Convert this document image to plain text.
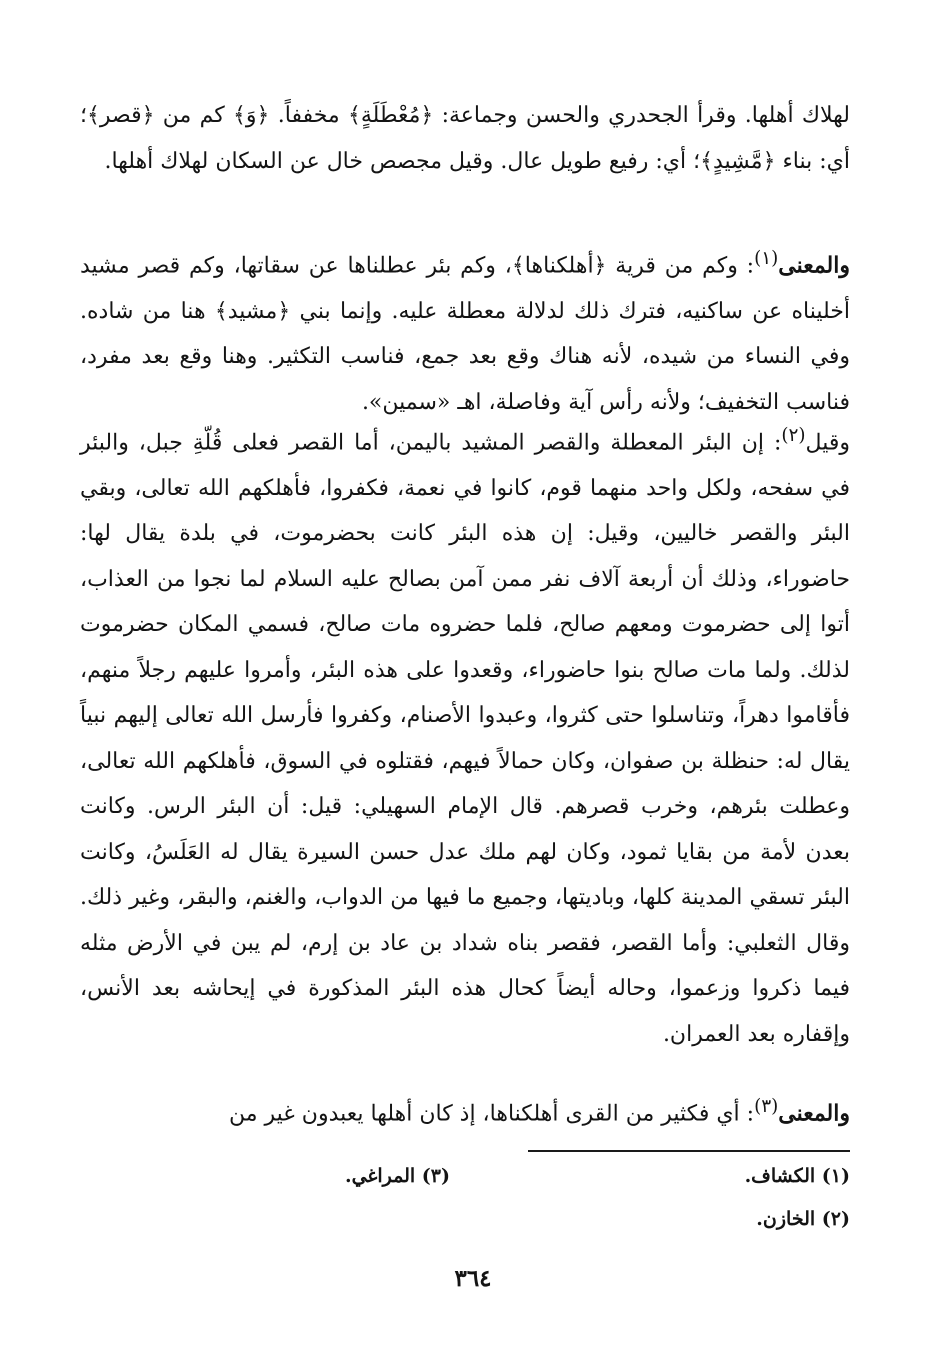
لهلاك أهلها. وقرأ الجحدري والحسن وجماعة: ﴿مُعْطَلَةٍ﴾ مخففاً. ﴿وَ﴾ كم من ﴿قصر﴾؛ أي: بناء ﴿مَّشِيدٍ﴾؛ أي: رفيع طويل عال. وقيل مجصص خال عن السكان لهلاك أهلها.

والمعنى$^{(١)}$: وكم من قرية ﴿أهلكناها﴾، وكم بئر عطلناها عن سقاتها، وكم قصر مشيد أخليناه عن ساكنيه، فترك ذلك لدلالة معطلة عليه. وإنما بني ﴿مشيد﴾ هنا من شاده. وفي النساء من شيده، لأنه هناك وقع بعد جمع، فناسب التكثير. وهنا وقع بعد مفرد، فناسب التخفيف؛ ولأنه رأس آية وفاصلة، اهـ «سمين».

وقيل$^{(٢)}$: إن البئر المعطلة والقصر المشيد باليمن، أما القصر فعلى قُلّةِ جبل، والبئر في سفحه، ولكل واحد منهما قوم، كانوا في نعمة، فكفروا، فأهلكهم الله تعالى، وبقي البئر والقصر خاليين، وقيل: إن هذه البئر كانت بحضرموت، في بلدة يقال لها: حاضوراء، وذلك أن أربعة آلاف نفر ممن آمن بصالح عليه السلام لما نجوا من العذاب، أتوا إلى حضرموت ومعهم صالح، فلما حضروه مات صالح، فسمي المكان حضرموت لذلك. ولما مات صالح بنوا حاضوراء، وقعدوا على هذه البئر، وأمروا عليهم رجلاً منهم، فأقاموا دهراً، وتناسلوا حتى كثروا، وعبدوا الأصنام، وكفروا فأرسل الله تعالى إليهم نبياً يقال له: حنظلة بن صفوان، وكان حمالاً فيهم، فقتلوه في السوق، فأهلكهم الله تعالى، وعطلت بئرهم، وخرب قصرهم. قال الإمام السهيلي: قيل: أن البئر الرس. وكانت بعدن لأمة من بقايا ثمود، وكان لهم ملك عدل حسن السيرة يقال له العَلَسُ، وكانت البئر تسقي المدينة كلها، وباديتها، وجميع ما فيها من الدواب، والغنم، والبقر، وغير ذلك. وقال الثعلبي: وأما القصر، فقصر بناه شداد بن عاد بن إرم، لم يبن في الأرض مثله فيما ذكروا وزعموا، وحاله أيضاً كحال هذه البئر المذكورة في إيحاشه بعد الأنس، وإقفاره بعد العمران.

والمعنى$^{(٣)}$: أي فكثير من القرى أهلكناها، إذ كان أهلها يعبدون غير من

(١) الكشاف.
(٢) الخازن.
(٣) المراغي.
٣٦٤
